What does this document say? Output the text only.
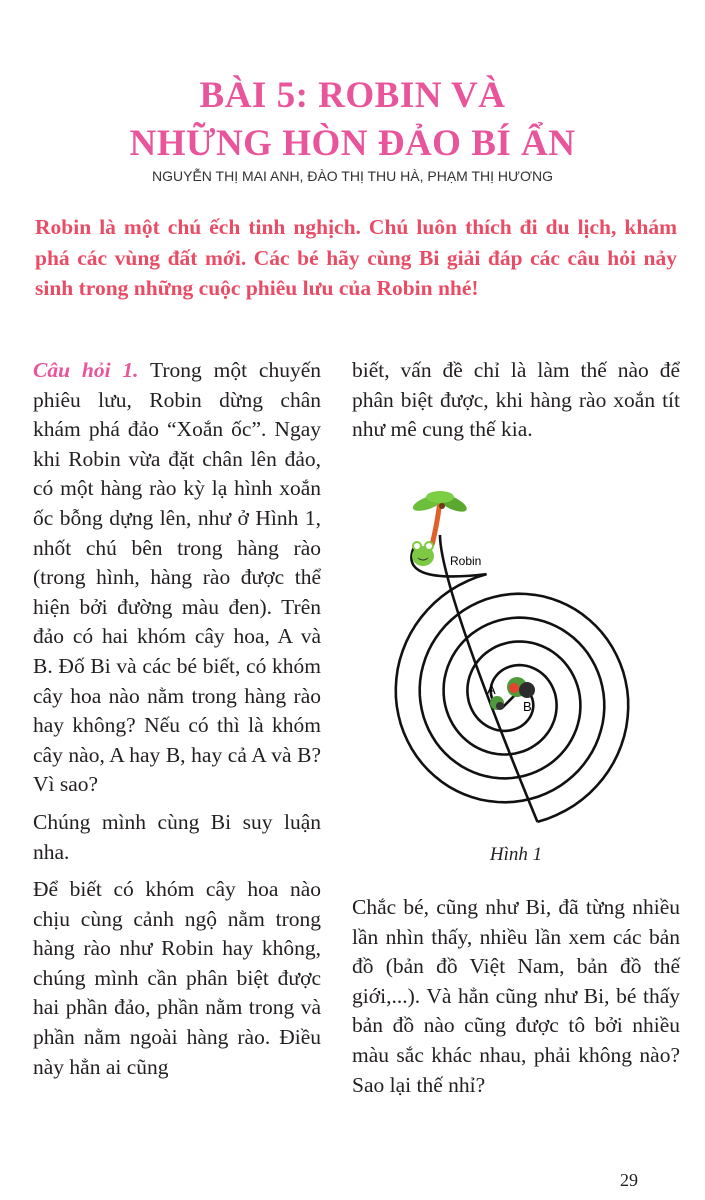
BÀI 5: ROBIN VÀ
NHỮNG HÒN ĐẢO BÍ ẨN
NGUYỄN THỊ MAI ANH, ĐÀO THỊ THU HÀ, PHẠM THỊ HƯƠNG
Robin là một chú ếch tinh nghịch. Chú luôn thích đi du lịch, khám phá các vùng đất mới. Các bé hãy cùng Bi giải đáp các câu hỏi nảy sinh trong những cuộc phiêu lưu của Robin nhé!

Câu hỏi 1. Trong một chuyến phiêu lưu, Robin dừng chân khám phá đảo “Xoắn ốc”. Ngay khi Robin vừa đặt chân lên đảo, có một hàng rào kỳ lạ hình xoắn ốc bỗng dựng lên, như ở Hình 1, nhốt chú bên trong hàng rào (trong hình, hàng rào được thể hiện bởi đường màu đen). Trên đảo có hai khóm cây hoa, A và B. Đố Bi và các bé biết, có khóm cây hoa nào nằm trong hàng rào hay không? Nếu có thì là khóm cây nào, A hay B, hay cả A và B? Vì sao?

Chúng mình cùng Bi suy luận nha.

Để biết có khóm cây hoa nào chịu cùng cảnh ngộ nằm trong hàng rào như Robin hay không, chúng mình cần phân biệt được hai phần đảo, phần nằm trong và phần nằm ngoài hàng rào. Điều này hẳn ai cũng

biết, vấn đề chỉ là làm thế nào để phân biệt được, khi hàng rào xoắn tít như mê cung thế kia.

Robin
A
B
Hình 1

Chắc bé, cũng như Bi, đã từng nhiều lần nhìn thấy, nhiều lần xem các bản đồ (bản đồ Việt Nam, bản đồ thế giới,...). Và hẳn cũng như Bi, bé thấy bản đồ nào cũng được tô bởi nhiều màu sắc khác nhau, phải không nào? Sao lại thế nhỉ?

29
